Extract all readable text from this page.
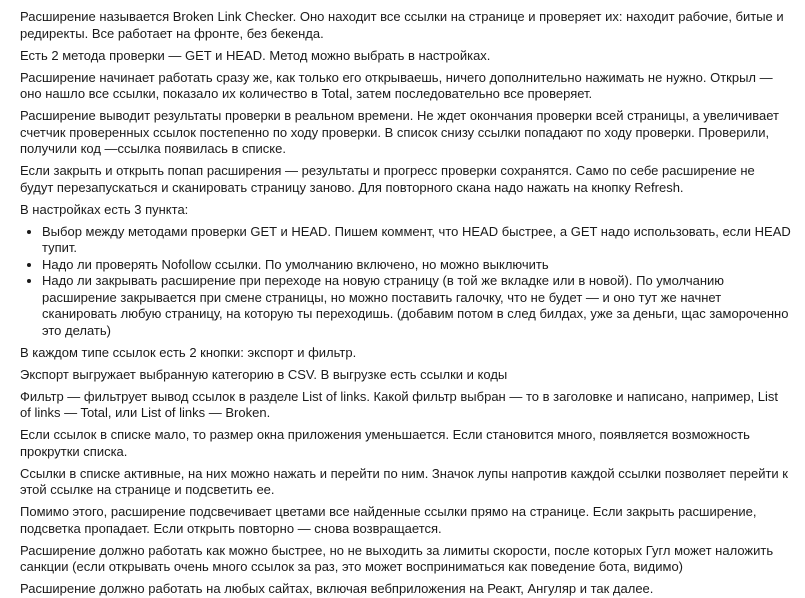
Расширение называется Broken Link Checker. Оно находит все ссылки на странице и проверяет их: находит рабочие, битые и редиректы. Все работает на фронте, без бекенда.

Есть 2 метода проверки — GET и HEAD. Метод можно выбрать в настройках.

Расширение начинает работать сразу же, как только его открываешь, ничего дополнительно нажимать не нужно. Открыл — оно нашло все ссылки, показало их количество в Total, затем последовательно все проверяет.

Расширение выводит результаты проверки в реальном времени. Не ждет окончания проверки всей страницы, а увеличивает счетчик проверенных ссылок постепенно по ходу проверки. В список снизу ссылки попадают по ходу проверки. Проверили, получили код —ссылка появилась в списке.

Если закрыть и открыть попап расширения — результаты и прогресс проверки сохранятся. Само по себе расширение не будут перезапускаться и сканировать страницу заново. Для повторного скана надо нажать на кнопку Refresh.

В настройках есть 3 пункта:

• Выбор между методами проверки GET и HEAD. Пишем коммент, что HEAD быстрее, а GET надо использовать, если HEAD тупит.
• Надо ли проверять Nofollow ссылки. По умолчанию включено, но можно выключить
• Надо ли закрывать расширение при переходе на новую страницу (в той же вкладке или в новой). По умолчанию расширение закрывается при смене страницы, но можно поставить галочку, что не будет — и оно тут же начнет сканировать любую страницу, на которую ты переходишь. (добавим потом в след билдах, уже за деньги, щас замороченно это делать)

В каждом типе ссылок есть 2 кнопки: экспорт и фильтр.

Экспорт выгружает выбранную категорию в CSV. В выгрузке есть ссылки и коды

Фильтр — фильтрует вывод ссылок в разделе List of links. Какой фильтр выбран — то в заголовке и написано, например, List of links — Total, или List of links — Broken.

Если ссылок в списке мало, то размер окна приложения уменьшается. Если становится много, появляется возможность прокрутки списка.

Ссылки в списке активные, на них можно нажать и перейти по ним. Значок лупы напротив каждой ссылки позволяет перейти к этой ссылке на странице и подсветить ее.

Помимо этого, расширение подсвечивает цветами все найденные ссылки прямо на странице. Если закрыть расширение, подсветка пропадает. Если открыть повторно — снова возвращается.

Расширение должно работать как можно быстрее, но не выходить за лимиты скорости, после которых Гугл может наложить санкции (если открывать очень много ссылок за раз, это может восприниматься как поведение бота, видимо)

Расширение должно работать на любых сайтах, включая вебприложения на Реакт, Ангуляр и так далее.
